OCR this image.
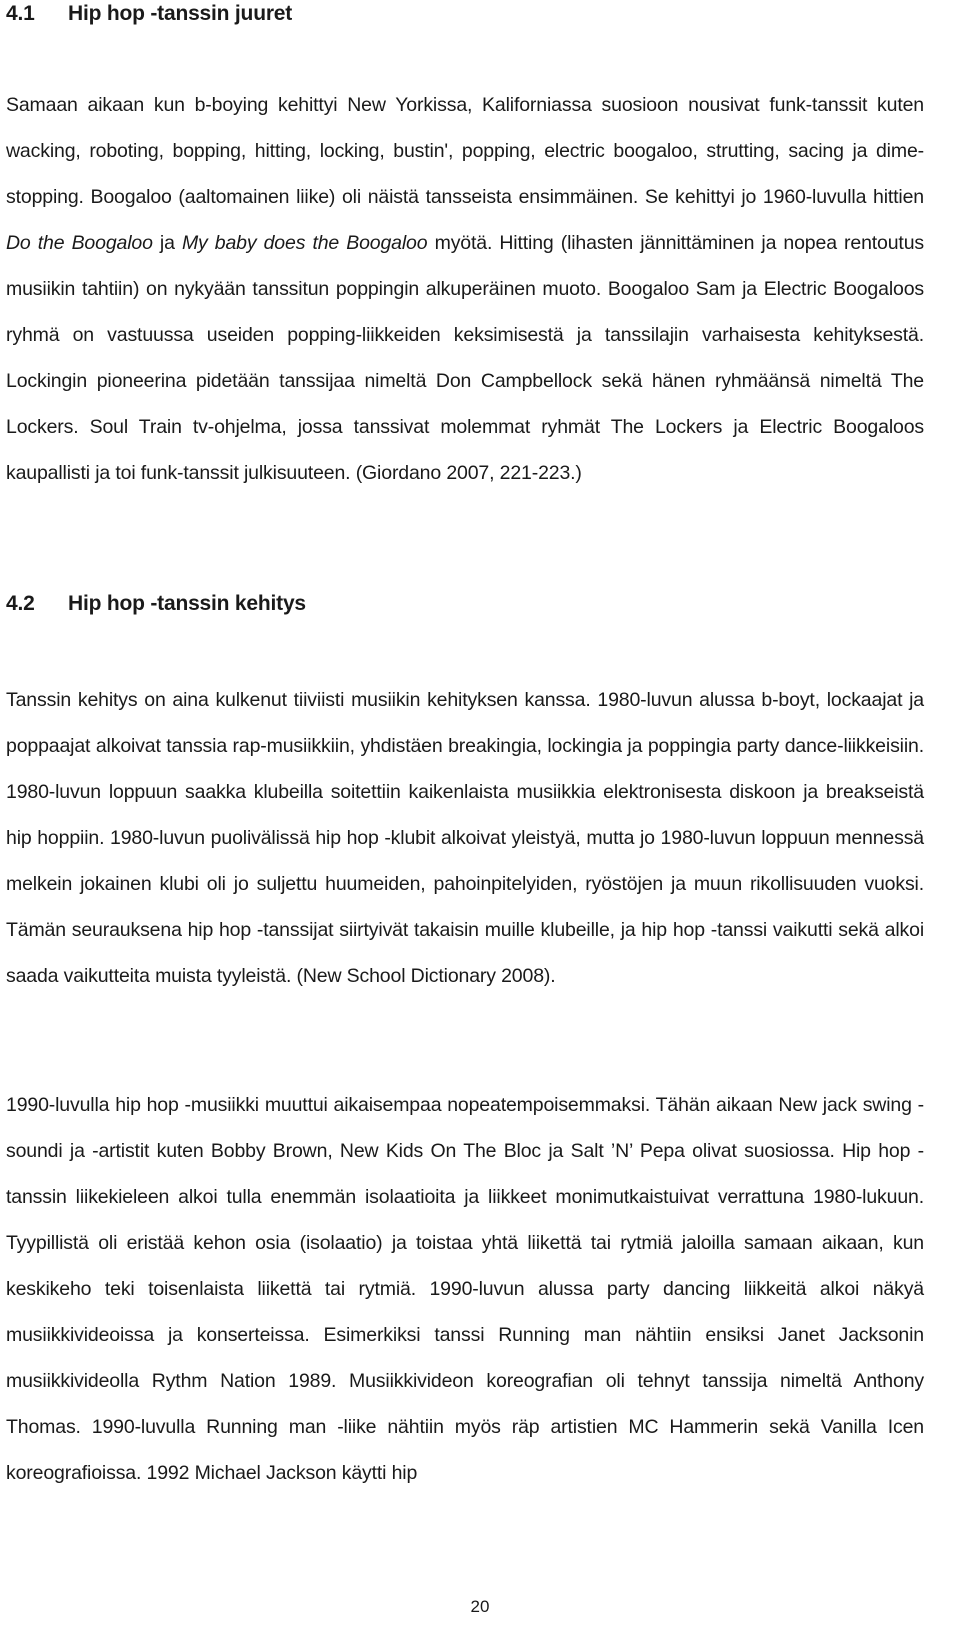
4.1 Hip hop -tanssin juuret
Samaan aikaan kun b-boying kehittyi New Yorkissa, Kaliforniassa suosioon nousivat funk-tanssit kuten wacking, roboting, bopping, hitting, locking, bustin', popping, electric boogaloo, strutting, sacing ja dime-stopping. Boogaloo (aaltomainen liike) oli näistä tansseista ensimmäinen. Se kehittyi jo 1960-luvulla hittien Do the Boogaloo ja My baby does the Boogaloo myötä. Hitting (lihasten jännittäminen ja nopea rentoutus musiikin tahtiin) on nykyään tanssitun poppingin alkuperäinen muoto. Boogaloo Sam ja Electric Boogaloos ryhmä on vastuussa useiden popping-liikkeiden keksimisestä ja tanssilajin varhaisesta kehityksestä. Lockingin pioneerina pidetään tanssijaa nimeltä Don Campbellock sekä hänen ryhmäänsä nimeltä The Lockers. Soul Train tv-ohjelma, jossa tanssivat molemmat ryhmät The Lockers ja Electric Boogaloos kaupallisti ja toi funk-tanssit julkisuuteen. (Giordano 2007, 221-223.)
4.2 Hip hop -tanssin kehitys
Tanssin kehitys on aina kulkenut tiiviisti musiikin kehityksen kanssa. 1980-luvun alussa b-boyt, lockaajat ja poppaajat alkoivat tanssia rap-musiikkiin, yhdistäen breakingia, lockingia ja poppingia party dance-liikkeisiin. 1980-luvun loppuun saakka klubeilla soitettiin kaikenlaista musiikkia elektronisesta diskoon ja breakseistä hip hoppiin. 1980-luvun puolivälissä hip hop -klubit alkoivat yleistyä, mutta jo 1980-luvun loppuun mennessä melkein jokainen klubi oli jo suljettu huumeiden, pahoinpitelyiden, ryöstöjen ja muun rikollisuuden vuoksi. Tämän seurauksena hip hop -tanssijat siirtyivät takaisin muille klubeille, ja hip hop -tanssi vaikutti sekä alkoi saada vaikutteita muista tyyleistä. (New School Dictionary 2008).
1990-luvulla hip hop -musiikki muuttui aikaisempaa nopeatempoisemmaksi. Tähän aikaan New jack swing -soundi ja -artistit kuten Bobby Brown, New Kids On The Bloc ja Salt ’N’ Pepa olivat suosiossa. Hip hop -tanssin liikekieleen alkoi tulla enemmän isolaatioita ja liikkeet monimutkaistuivat verrattuna 1980-lukuun. Tyypillistä oli eristää kehon osia (isolaatio) ja toistaa yhtä liikettä tai rytmiä jaloilla samaan aikaan, kun keskikeho teki toisenlaista liikettä tai rytmiä. 1990-luvun alussa party dancing liikkeitä alkoi näkyä musiikkivideoissa ja konserteissa. Esimerkiksi tanssi Running man nähtiin ensiksi Janet Jacksonin musiikkivideolla Rythm Nation 1989. Musiikkivideon koreografian oli tehnyt tanssija nimeltä Anthony Thomas. 1990-luvulla Running man -liike nähtiin myös räp artistien MC Hammerin sekä Vanilla Icen koreografioissa. 1992 Michael Jackson käytti hip
20
